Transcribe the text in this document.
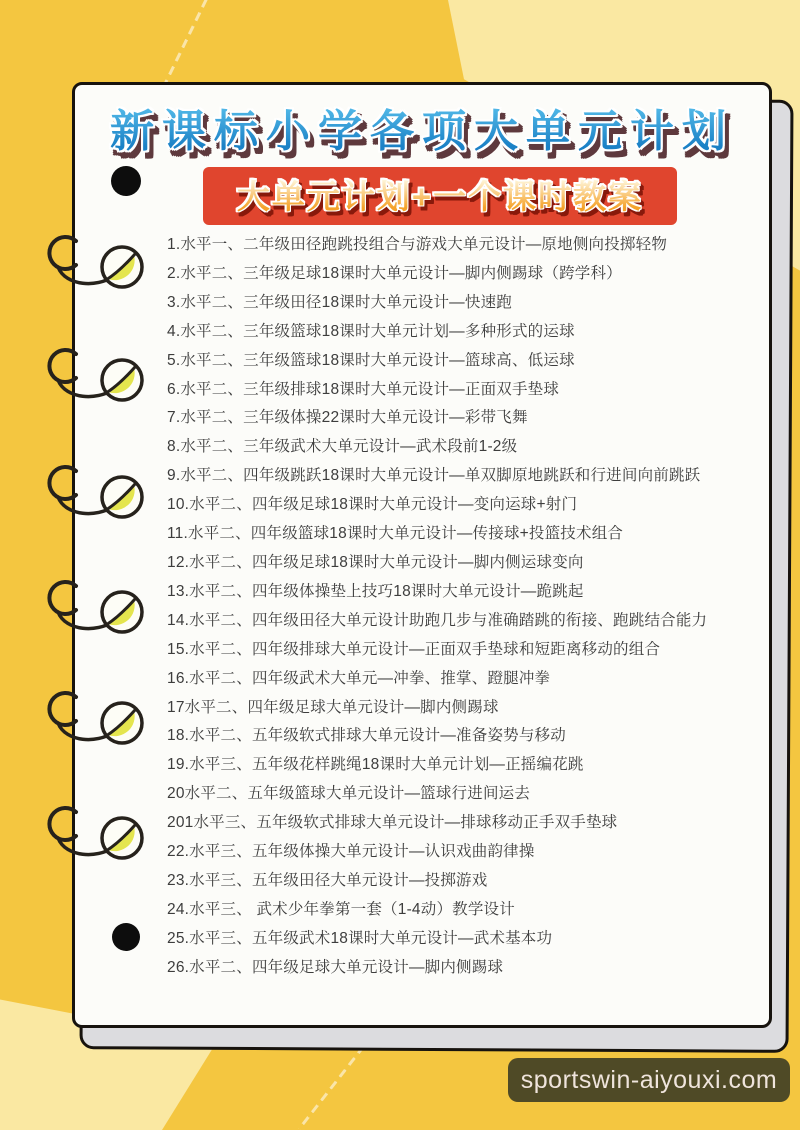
新课标小学各项大单元计划
大单元计划+一个课时教案
1.水平一、二年级田径跑跳投组合与游戏大单元设计—原地侧向投掷轻物
2.水平二、三年级足球18课时大单元设计—脚内侧踢球（跨学科）
3.水平二、三年级田径18课时大单元设计—快速跑
4.水平二、三年级篮球18课时大单元计划—多种形式的运球
5.水平二、三年级篮球18课时大单元设计—篮球高、低运球
6.水平二、三年级排球18课时大单元设计—正面双手垫球
7.水平二、三年级体操22课时大单元设计—彩带飞舞
8.水平二、三年级武术大单元设计—武术段前1-2级
9.水平二、四年级跳跃18课时大单元设计—单双脚原地跳跃和行进间向前跳跃
10.水平二、四年级足球18课时大单元设计—变向运球+射门
11.水平二、四年级篮球18课时大单元设计—传接球+投篮技术组合
12.水平二、四年级足球18课时大单元设计—脚内侧运球变向
13.水平二、四年级体操垫上技巧18课时大单元设计—跪跳起
14.水平二、四年级田径大单元设计助跑几步与准确踏跳的衔接、跑跳结合能力
15.水平二、四年级排球大单元设计—正面双手垫球和短距离移动的组合
16.水平二、四年级武术大单元—冲拳、推掌、蹬腿冲拳
17水平二、四年级足球大单元设计—脚内侧踢球
18.水平二、五年级软式排球大单元设计—准备姿势与移动
19.水平三、五年级花样跳绳18课时大单元计划—正摇编花跳
20水平二、五年级篮球大单元设计—篮球行进间运去
201水平三、五年级软式排球大单元设计—排球移动正手双手垫球
22.水平三、五年级体操大单元设计—认识戏曲韵律操
23.水平三、五年级田径大单元设计—投掷游戏
24.水平三、 武术少年拳第一套（1-4动）教学设计
25.水平三、五年级武术18课时大单元设计—武术基本功
26.水平二、四年级足球大单元设计—脚内侧踢球
sportswin-aiyouxi.com
